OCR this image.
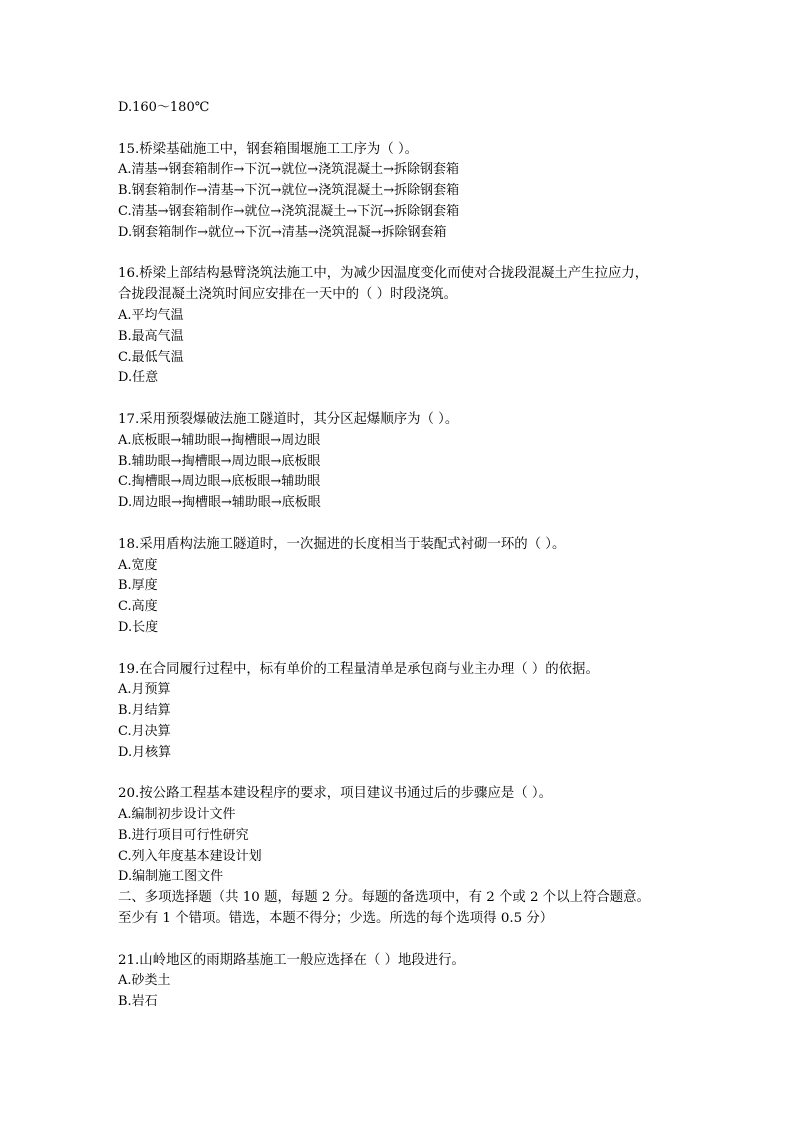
D.160～180℃
15.桥梁基础施工中，钢套箱围堰施工工序为（ ）。
A.清基→钢套箱制作→下沉→就位→浇筑混凝土→拆除钢套箱
B.钢套箱制作→清基→下沉→就位→浇筑混凝土→拆除钢套箱
C.清基→钢套箱制作→就位→浇筑混凝土→下沉→拆除钢套箱
D.钢套箱制作→就位→下沉→清基→浇筑混凝→拆除钢套箱
16.桥梁上部结构悬臂浇筑法施工中，为减少因温度变化而使对合拢段混凝土产生拉应力，
合拢段混凝土浇筑时间应安排在一天中的（ ）时段浇筑。
A.平均气温
B.最高气温
C.最低气温
D.任意
17.采用预裂爆破法施工隧道时，其分区起爆顺序为（ ）。
A.底板眼→辅助眼→掏槽眼→周边眼
B.辅助眼→掏槽眼→周边眼→底板眼
C.掏槽眼→周边眼→底板眼→辅助眼
D.周边眼→掏槽眼→辅助眼→底板眼
18.采用盾构法施工隧道时，一次掘进的长度相当于装配式衬砌一环的（ ）。
A.宽度
B.厚度
C.高度
D.长度
19.在合同履行过程中，标有单价的工程量清单是承包商与业主办理（ ）的依据。
A.月预算
B.月结算
C.月决算
D.月核算
20.按公路工程基本建设程序的要求，项目建议书通过后的步骤应是（ ）。
A.编制初步设计文件
B.进行项目可行性研究
C.列入年度基本建设计划
D.编制施工图文件
二、多项选择题（共 10 题，每题 2 分。每题的备选项中，有 2 个或 2 个以上符合题意。
至少有 1 个错项。错选，本题不得分；少选。所选的每个选项得 0.5 分）
21.山岭地区的雨期路基施工一般应选择在（ ）地段进行。
A.砂类土
B.岩石
